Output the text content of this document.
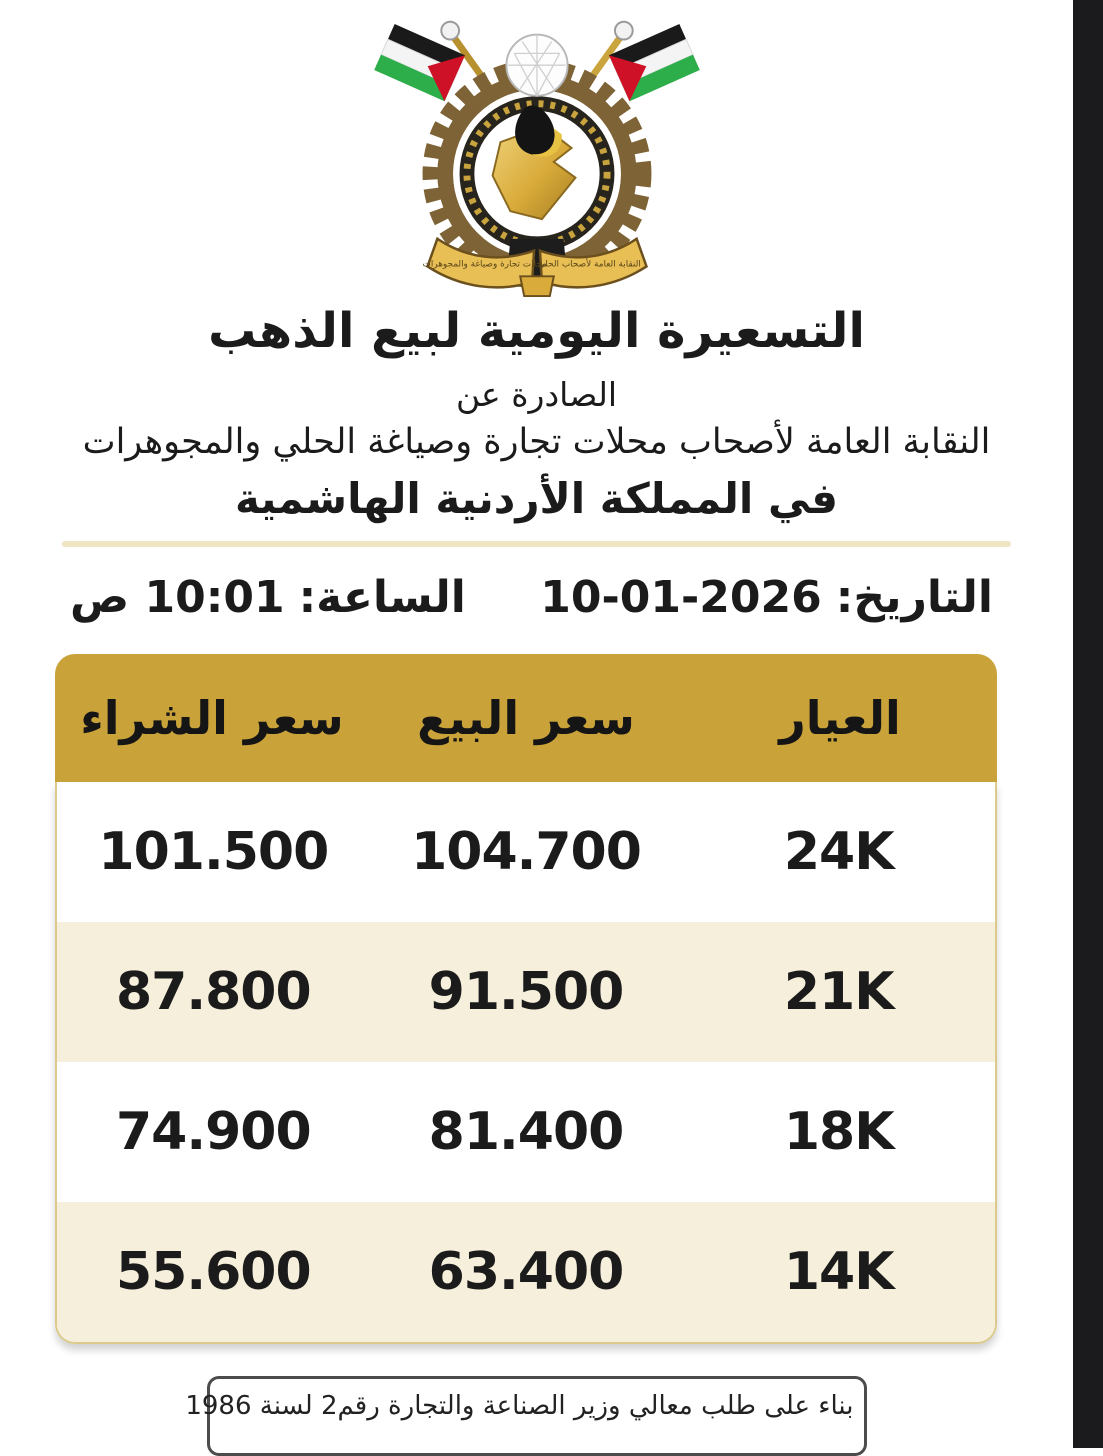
النقابة العامة لأصحاب الحلي
محلات تجارة وصياغة والمجوهرات
التسعيرة اليومية لبيع الذهب
الصادرة عن
النقابة العامة لأصحاب محلات تجارة وصياغة الحلي والمجوهرات
في المملكة الأردنية الهاشمية
التاريخ:
10-01-2026
الساعة:
10:01 ص
العيار
سعر البيع
سعر الشراء
24K
104.700
101.500
21K
91.500
87.800
18K
81.400
74.900
14K
63.400
55.600
بناء على طلب معالي وزير الصناعة والتجارة رقم2 لسنة 1986
